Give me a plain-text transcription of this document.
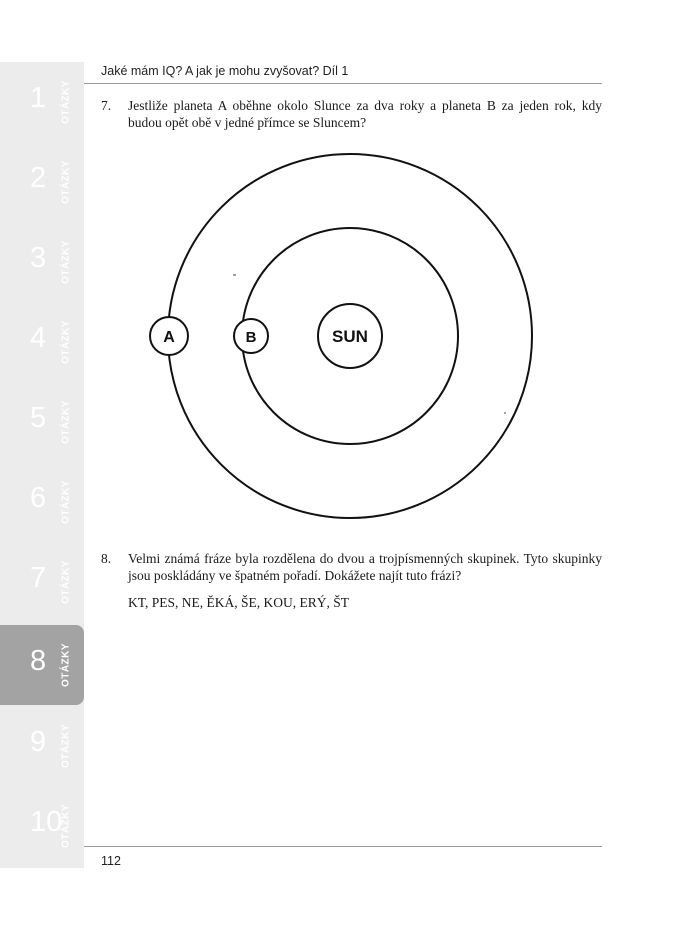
1 OTÁZKY
2 OTÁZKY
3 OTÁZKY
4 OTÁZKY
5 OTÁZKY
6 OTÁZKY
7 OTÁZKY
8 OTÁZKY
9 OTÁZKY
10
OTÁZKY
Jaké mám IQ? A jak je mohu zvyšovat? Díl 1
7. Jestliže planeta A oběhne okolo Slunce za dva roky a planeta B za jeden rok, kdy budou opět obě v jedné přímce se Sluncem?
SUN
A	B
8. Velmi známá fráze byla rozdělena do dvou a trojpísmenných skupinek. Tyto skupinky jsou poskládány ve špatném pořadí. Dokážete najít tuto frázi?
KT, PES, NE, ĚKÁ, ŠE, KOU, ERÝ, ŠT
112
